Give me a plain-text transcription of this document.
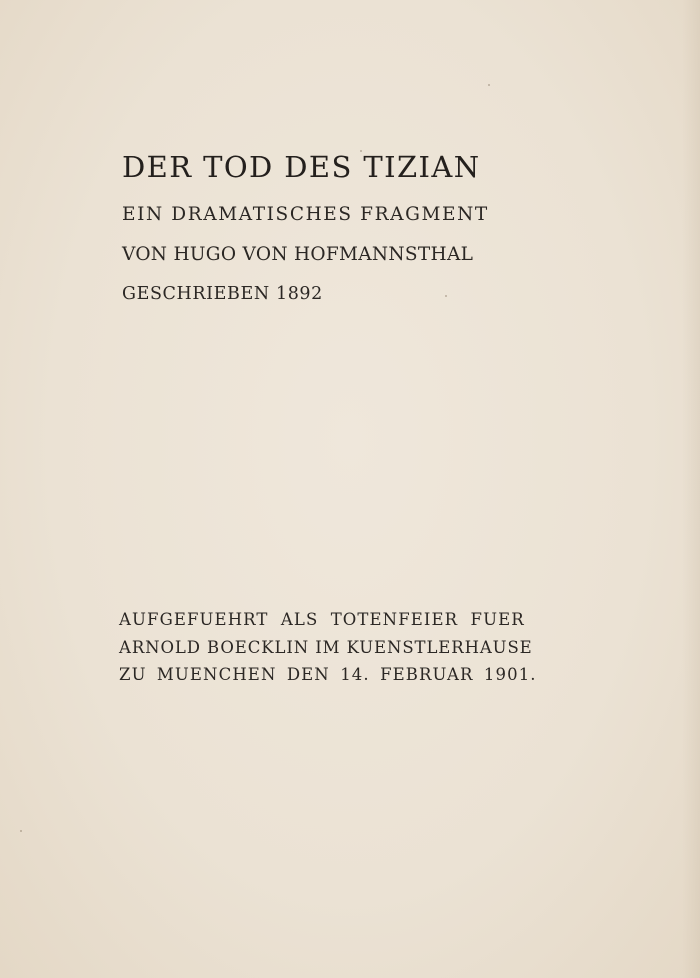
DER TOD DES TIZIAN
EIN DRAMATISCHES FRAGMENT
VON HUGO VON HOFMANNSTHAL
GESCHRIEBEN 1892
AUFGEFUEHRT ALS TOTENFEIER FUER
ARNOLD BOECKLIN IM KUENSTLERHAUSE
ZU MUENCHEN DEN 14. FEBRUAR 1901.
